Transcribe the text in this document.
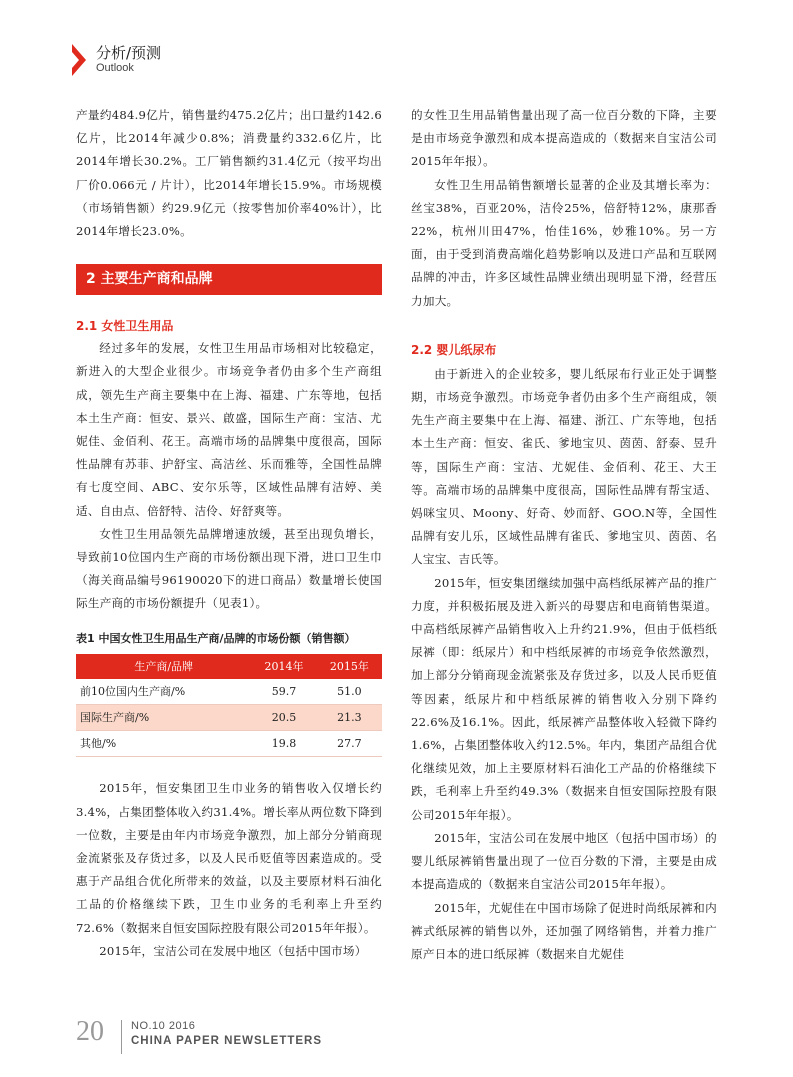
分析/预测
Outlook

产量约484.9亿片，销售量约475.2亿片；出口量约142.6亿片，比2014年减少0.8%；消费量约332.6亿片，比2014年增长30.2%。工厂销售额约31.4亿元（按平均出厂价0.066元 / 片计），比2014年增长15.9%。市场规模（市场销售额）约29.9亿元（按零售加价率40%计），比2014年增长23.0%。

2 主要生产商和品牌
2.1 女性卫生用品

经过多年的发展，女性卫生用品市场相对比较稳定，新进入的大型企业很少。市场竞争者仍由多个生产商组成，领先生产商主要集中在上海、福建、广东等地，包括本土生产商：恒安、景兴、啟盛，国际生产商：宝洁、尤妮佳、金佰利、花王。高端市场的品牌集中度很高，国际性品牌有苏菲、护舒宝、高洁丝、乐而雅等，全国性品牌有七度空间、ABC、安尔乐等，区域性品牌有洁婷、美适、自由点、倍舒特、洁伶、好舒爽等。

女性卫生用品领先品牌增速放缓，甚至出现负增长，导致前10位国内生产商的市场份额出现下滑，进口卫生巾（海关商品编号96190020下的进口商品）数量增长使国际生产商的市场份额提升（见表1）。

表1 中国女性卫生用品生产商/品牌的市场份额（销售额）
生产商/品牌	2014年	2015年
前10位国内生产商/%	59.7	51.0
国际生产商/%	20.5	21.3
其他/%	19.8	27.7

2015年，恒安集团卫生巾业务的销售收入仅增长约3.4%，占集团整体收入约31.4%。增长率从两位数下降到一位数，主要是由年内市场竞争激烈，加上部分分销商现金流紧张及存货过多，以及人民币贬值等因素造成的。受惠于产品组合优化所带来的效益，以及主要原材料石油化工品的价格继续下跌，卫生巾业务的毛利率上升至约72.6%（数据来自恒安国际控股有限公司2015年年报）。

2015年，宝洁公司在发展中地区（包括中国市场）

的女性卫生用品销售量出现了高一位百分数的下降，主要是由市场竞争激烈和成本提高造成的（数据来自宝洁公司2015年年报）。

女性卫生用品销售额增长显著的企业及其增长率为：丝宝38%，百亚20%，洁伶25%，倍舒特12%，康那香22%，杭州川田47%，怡佳16%，妙雅10%。另一方面，由于受到消费高端化趋势影响以及进口产品和互联网品牌的冲击，许多区域性品牌业绩出现明显下滑，经营压力加大。

2.2 婴儿纸尿布

由于新进入的企业较多，婴儿纸尿布行业正处于调整期，市场竞争激烈。市场竞争者仍由多个生产商组成，领先生产商主要集中在上海、福建、浙江、广东等地，包括本土生产商：恒安、雀氏、爹地宝贝、茵茵、舒泰、昱升等，国际生产商：宝洁、尤妮佳、金佰利、花王、大王等。高端市场的品牌集中度很高，国际性品牌有帮宝适、妈咪宝贝、Moony、好奇、妙而舒、GOO.N等，全国性品牌有安儿乐，区域性品牌有雀氏、爹地宝贝、茵茵、名人宝宝、吉氏等。

2015年，恒安集团继续加强中高档纸尿裤产品的推广力度，并积极拓展及进入新兴的母婴店和电商销售渠道。中高档纸尿裤产品销售收入上升约21.9%，但由于低档纸尿裤（即：纸尿片）和中档纸尿裤的市场竞争依然激烈，加上部分分销商现金流紧张及存货过多，以及人民币贬值等因素，纸尿片和中档纸尿裤的销售收入分别下降约22.6%及16.1%。因此，纸尿裤产品整体收入轻微下降约1.6%，占集团整体收入约12.5%。年内，集团产品组合优化继续见效，加上主要原材料石油化工产品的价格继续下跌，毛利率上升至约49.3%（数据来自恒安国际控股有限公司2015年年报）。

2015年，宝洁公司在发展中地区（包括中国市场）的婴儿纸尿裤销售量出现了一位百分数的下滑，主要是由成本提高造成的（数据来自宝洁公司2015年年报）。

2015年，尤妮佳在中国市场除了促进时尚纸尿裤和内裤式纸尿裤的销售以外，还加强了网络销售，并着力推广原产日本的进口纸尿裤（数据来自尤妮佳

20 NO.10 2016
CHINA PAPER NEWSLETTERS
